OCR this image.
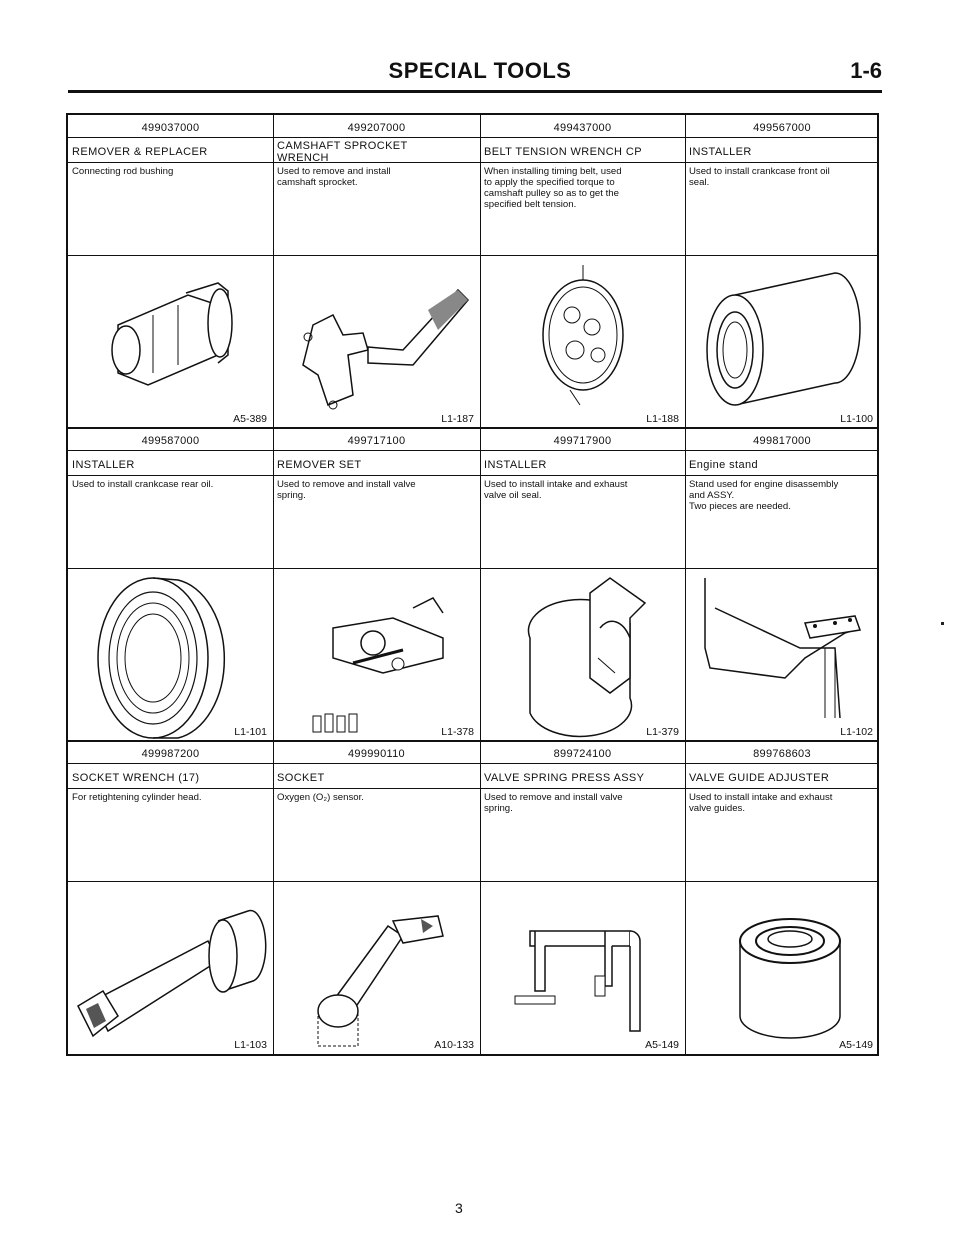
SPECIAL TOOLS	1-6
499037000
REMOVER & REPLACER
Connecting rod bushing
A5-389
499207000
CAMSHAFT SPROCKET
WRENCH
Used to remove and install
camshaft sprocket.
L1-187
499437000
BELT TENSION WRENCH CP
When installing timing belt, used
to apply the specified torque to
camshaft pulley so as to get the
specified belt tension.
L1-188
499567000
INSTALLER
Used to install crankcase front oil
seal.
L1-100
499587000
INSTALLER
Used to install crankcase rear oil.
L1-101
499717100
REMOVER SET
Used to remove and install valve
spring.
L1-378
499717900
INSTALLER
Used to install intake and exhaust
valve oil seal.
L1-379
499817000
Engine stand
Stand used for engine disassembly
and ASSY.
Two pieces are needed.
L1-102
499987200
SOCKET WRENCH (17)
For retightening cylinder head.
L1-103
499990110
SOCKET
Oxygen (O₂) sensor.
A10-133
899724100
VALVE SPRING PRESS ASSY
Used to remove and install valve
spring.
A5-149
899768603
VALVE GUIDE ADJUSTER
Used to install intake and exhaust
valve guides.
A5-149
3
